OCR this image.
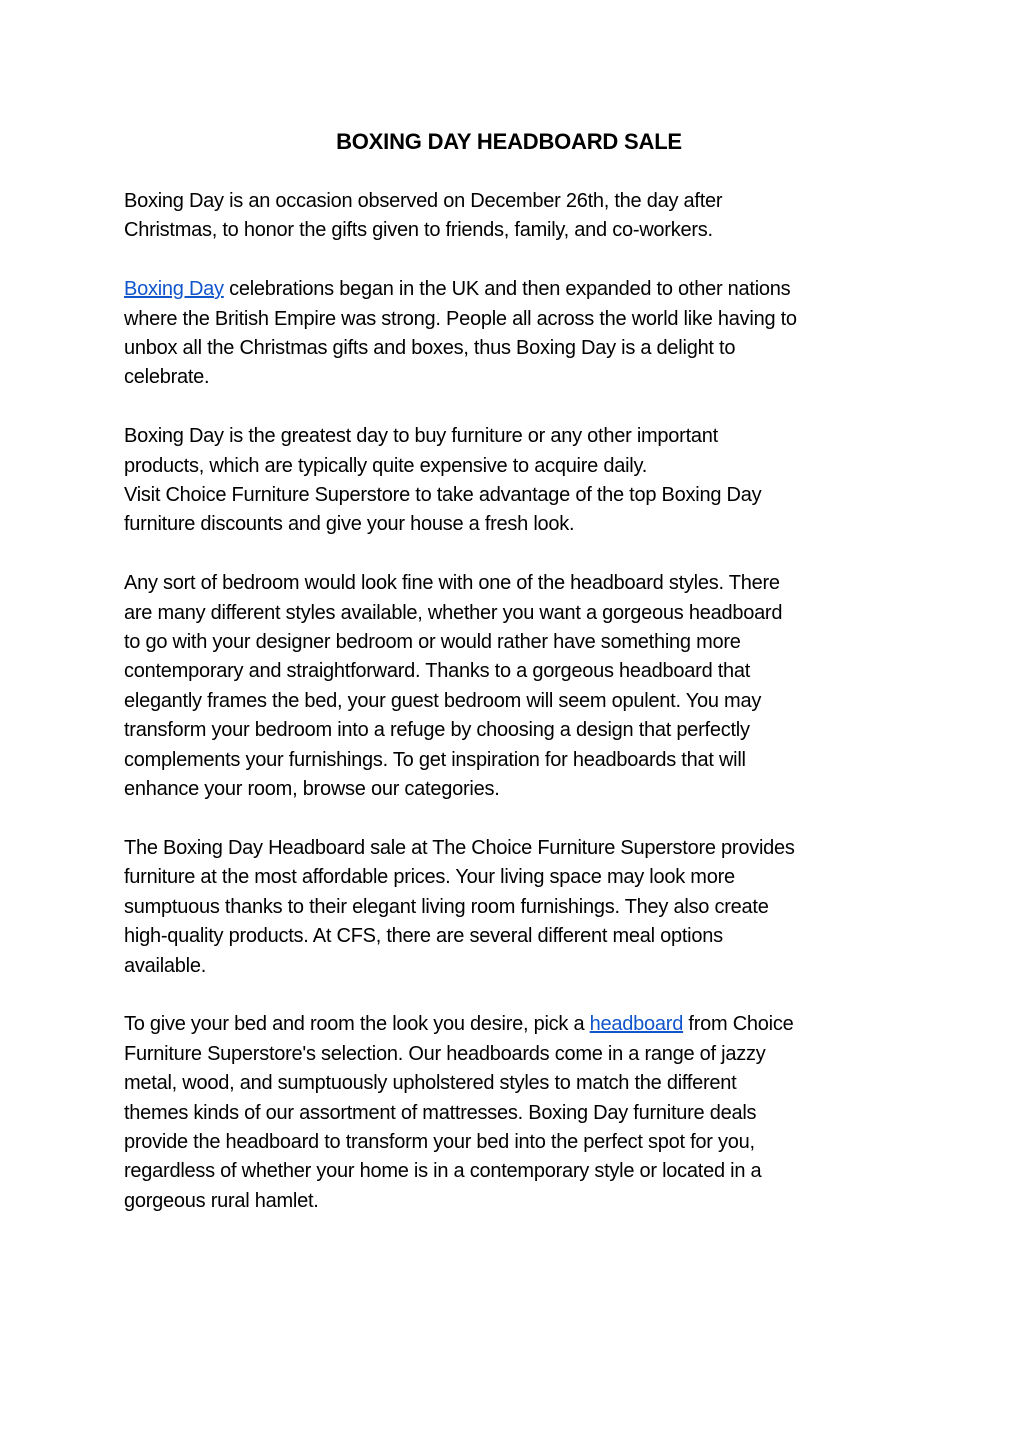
BOXING DAY HEADBOARD SALE
Boxing Day is an occasion observed on December 26th, the day after
Christmas, to honor the gifts given to friends, family, and co-workers.
Boxing Day celebrations began in the UK and then expanded to other nations
where the British Empire was strong. People all across the world like having to
unbox all the Christmas gifts and boxes, thus Boxing Day is a delight to
celebrate.
Boxing Day is the greatest day to buy furniture or any other important
products, which are typically quite expensive to acquire daily.
Visit Choice Furniture Superstore to take advantage of the top Boxing Day
furniture discounts and give your house a fresh look.
Any sort of bedroom would look fine with one of the headboard styles. There
are many different styles available, whether you want a gorgeous headboard
to go with your designer bedroom or would rather have something more
contemporary and straightforward. Thanks to a gorgeous headboard that
elegantly frames the bed, your guest bedroom will seem opulent. You may
transform your bedroom into a refuge by choosing a design that perfectly
complements your furnishings. To get inspiration for headboards that will
enhance your room, browse our categories.
The Boxing Day Headboard sale at The Choice Furniture Superstore provides
furniture at the most affordable prices. Your living space may look more
sumptuous thanks to their elegant living room furnishings. They also create
high-quality products. At CFS, there are several different meal options
available.
To give your bed and room the look you desire, pick a headboard from Choice
Furniture Superstore's selection. Our headboards come in a range of jazzy
metal, wood, and sumptuously upholstered styles to match the different
themes kinds of our assortment of mattresses. Boxing Day furniture deals
provide the headboard to transform your bed into the perfect spot for you,
regardless of whether your home is in a contemporary style or located in a
gorgeous rural hamlet.
